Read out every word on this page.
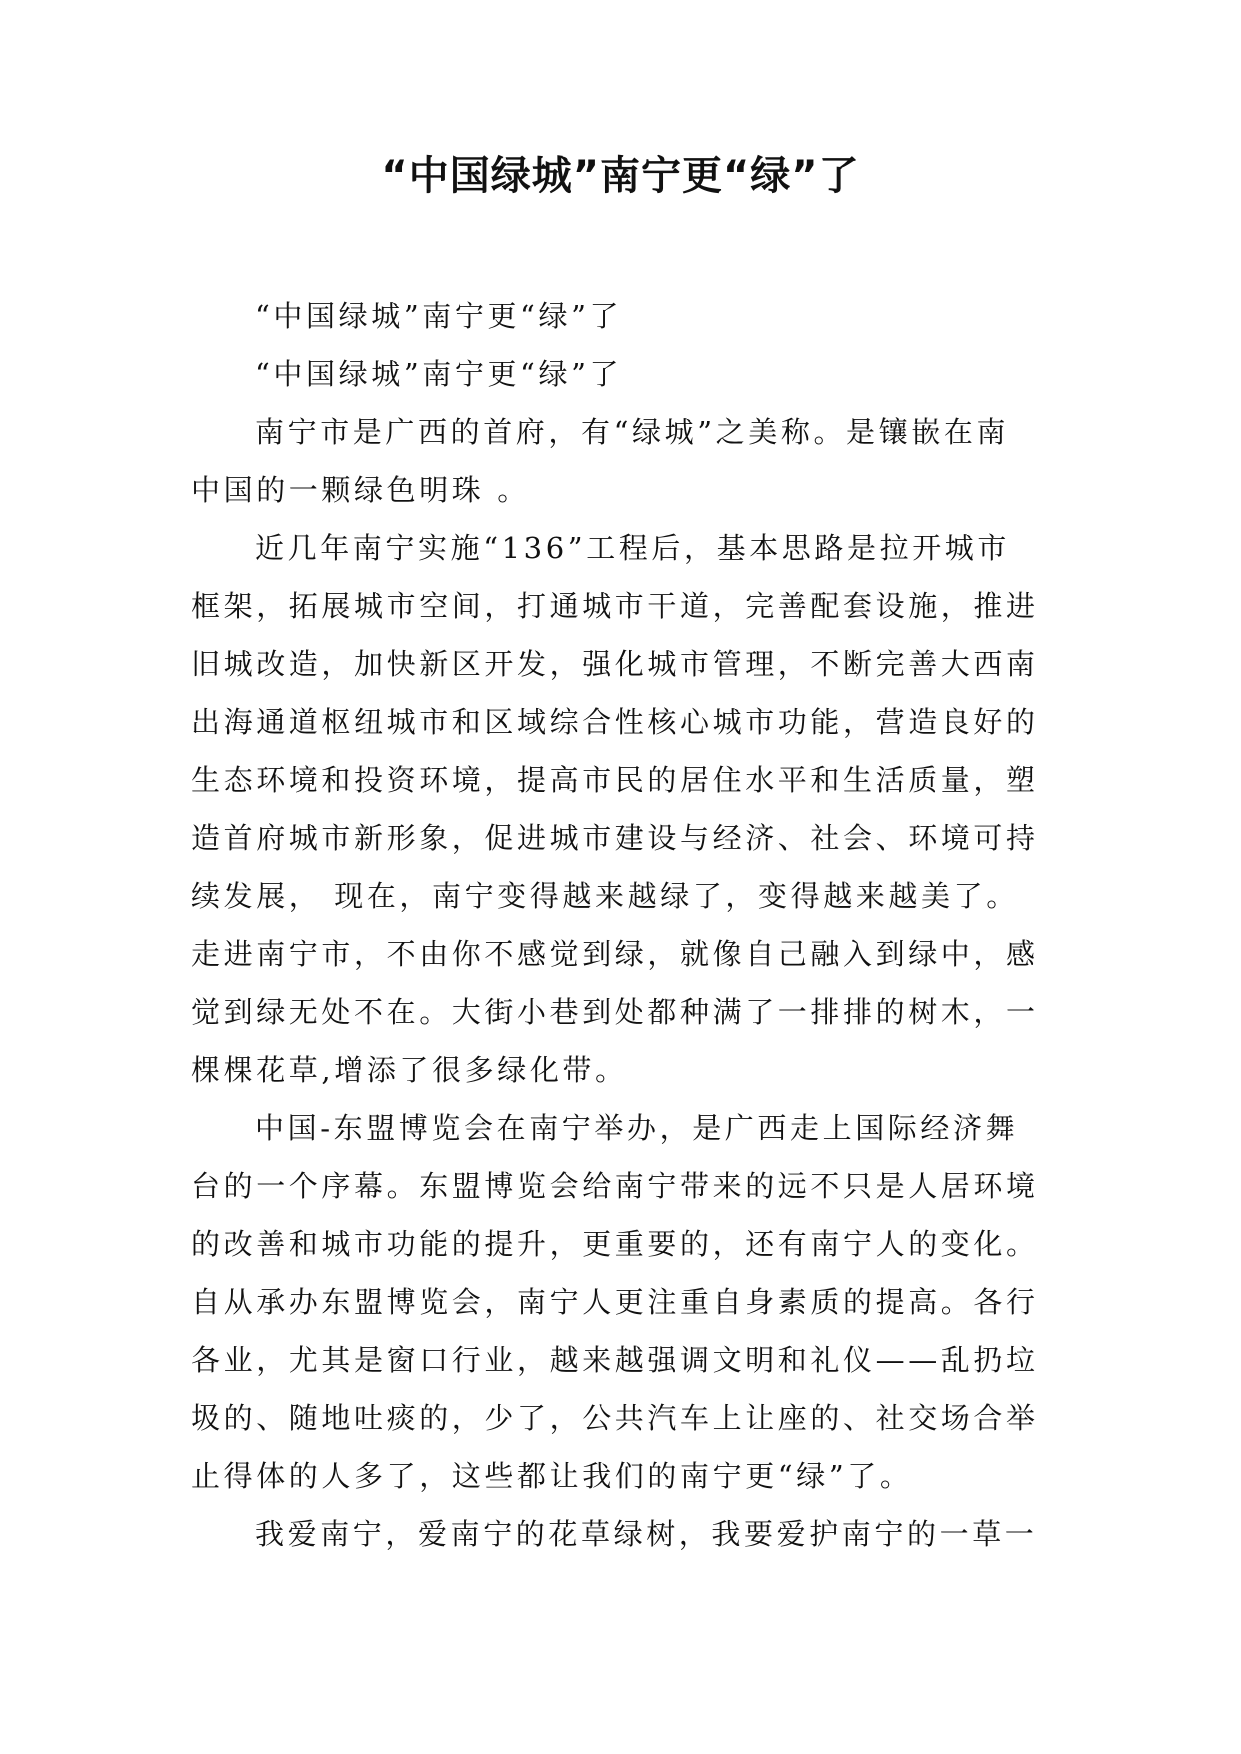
“中国绿城”南宁更“绿”了
“中国绿城”南宁更“绿”了
“中国绿城”南宁更“绿”了
南宁市是广西的首府，有“绿城”之美称。是镶嵌在南
中国的一颗绿色明珠 。
近几年南宁实施“136”工程后，基本思路是拉开城市
框架，拓展城市空间，打通城市干道，完善配套设施，推进
旧城改造，加快新区开发，强化城市管理，不断完善大西南
出海通道枢纽城市和区域综合性核心城市功能，营造良好的
生态环境和投资环境，提高市民的居住水平和生活质量，塑
造首府城市新形象，促进城市建设与经济、社会、环境可持
续发展， 现在，南宁变得越来越绿了，变得越来越美了。
走进南宁市，不由你不感觉到绿，就像自己融入到绿中，感
觉到绿无处不在。大街小巷到处都种满了一排排的树木，一
棵棵花草,增添了很多绿化带。
中国-东盟博览会在南宁举办，是广西走上国际经济舞
台的一个序幕。东盟博览会给南宁带来的远不只是人居环境
的改善和城市功能的提升，更重要的，还有南宁人的变化。
自从承办东盟博览会，南宁人更注重自身素质的提高。各行
各业，尤其是窗口行业，越来越强调文明和礼仪——乱扔垃
圾的、随地吐痰的，少了，公共汽车上让座的、社交场合举
止得体的人多了，这些都让我们的南宁更“绿”了。
我爱南宁，爱南宁的花草绿树，我要爱护南宁的一草一
